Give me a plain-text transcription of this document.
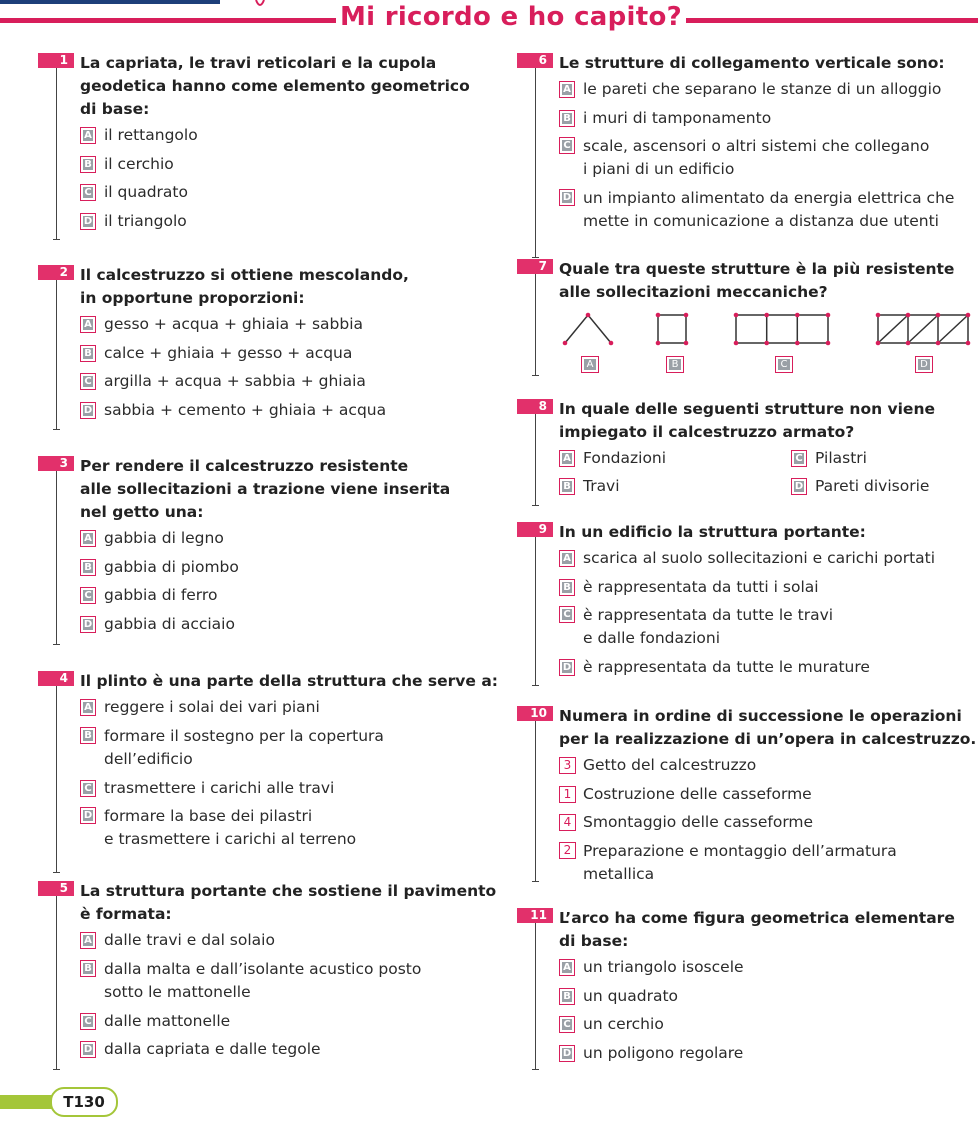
Mi ricordo e ho capito?
1 La capriata, le travi reticolari e la cupola
geodetica hanno come elemento geometrico
di base:
A il rettangolo
B il cerchio
C il quadrato
D il triangolo
2 Il calcestruzzo si ottiene mescolando,
in opportune proporzioni:
A gesso + acqua + ghiaia + sabbia
B calce + ghiaia + gesso + acqua
C argilla + acqua + sabbia + ghiaia
D sabbia + cemento + ghiaia + acqua
3 Per rendere il calcestruzzo resistente
alle sollecitazioni a trazione viene inserita
nel getto una:
A gabbia di legno
B gabbia di piombo
C gabbia di ferro
D gabbia di acciaio
4 Il plinto è una parte della struttura che serve a:
A reggere i solai dei vari piani
B formare il sostegno per la copertura
dell’edificio
C trasmettere i carichi alle travi
D formare la base dei pilastri
e trasmettere i carichi al terreno
5 La struttura portante che sostiene il pavimento
è formata:
A dalle travi e dal solaio
B dalla malta e dall’isolante acustico posto
sotto le mattonelle
C dalle mattonelle
D dalla capriata e dalle tegole
6 Le strutture di collegamento verticale sono:
A le pareti che separano le stanze di un alloggio
B i muri di tamponamento
C scale, ascensori o altri sistemi che collegano
i piani di un edificio
D un impianto alimentato da energia elettrica che
mette in comunicazione a distanza due utenti
7 Quale tra queste strutture è la più resistente
alle sollecitazioni meccaniche?
A	B	C	D
8 In quale delle seguenti strutture non viene
impiegato il calcestruzzo armato?
A Fondazioni	C Pilastri
B Travi	D Pareti divisorie
9 In un edificio la struttura portante:
A scarica al suolo sollecitazioni e carichi portati
B è rappresentata da tutti i solai
C è rappresentata da tutte le travi
e dalle fondazioni
D è rappresentata da tutte le murature
10 Numera in ordine di successione le operazioni
per la realizzazione di un’opera in calcestruzzo.
3 Getto del calcestruzzo
1 Costruzione delle casseforme
4 Smontaggio delle casseforme
2 Preparazione e montaggio dell’armatura
metallica
11 L’arco ha come figura geometrica elementare
di base:
A un triangolo isoscele
B un quadrato
C un cerchio
D un poligono regolare
T130
